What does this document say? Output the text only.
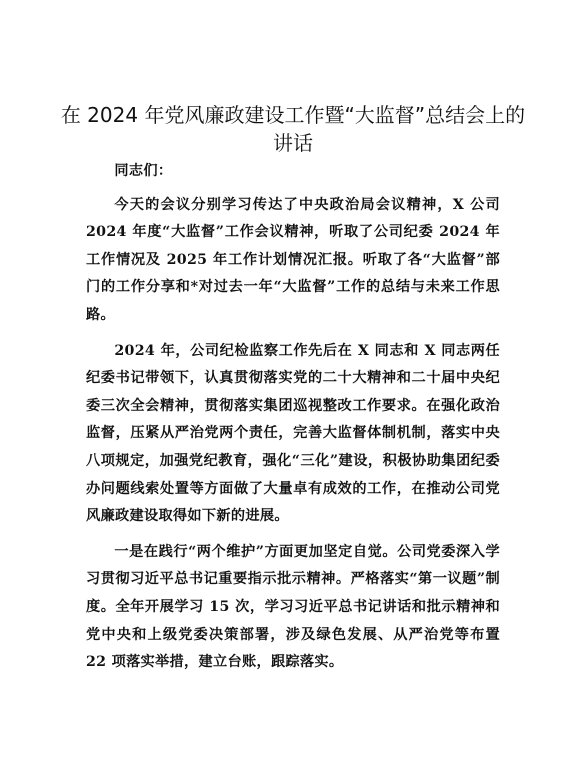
在 2024 年党风廉政建设工作暨“大监督”总结会上的讲话

同志们：

今天的会议分别学习传达了中央政治局会议精神，X 公司 2024 年度“大监督”工作会议精神，听取了公司纪委 2024 年工作情况及 2025 年工作计划情况汇报。听取了各“大监督”部门的工作分享和*对过去一年“大监督”工作的总结与未来工作思路。

2024 年，公司纪检监察工作先后在 X 同志和 X 同志两任纪委书记带领下，认真贯彻落实党的二十大精神和二十届中央纪委三次全会精神，贯彻落实集团巡视整改工作要求。在强化政治监督，压紧从严治党两个责任，完善大监督体制机制，落实中央八项规定，加强党纪教育，强化“三化”建设，积极协助集团纪委办问题线索处置等方面做了大量卓有成效的工作，在推动公司党风廉政建设取得如下新的进展。

一是在践行“两个维护”方面更加坚定自觉。公司党委深入学习贯彻习近平总书记重要指示批示精神。严格落实“第一议题”制度。全年开展学习 15 次，学习习近平总书记讲话和批示精神和党中央和上级党委决策部署，涉及绿色发展、从严治党等布置 22 项落实举措，建立台账，跟踪落实。
